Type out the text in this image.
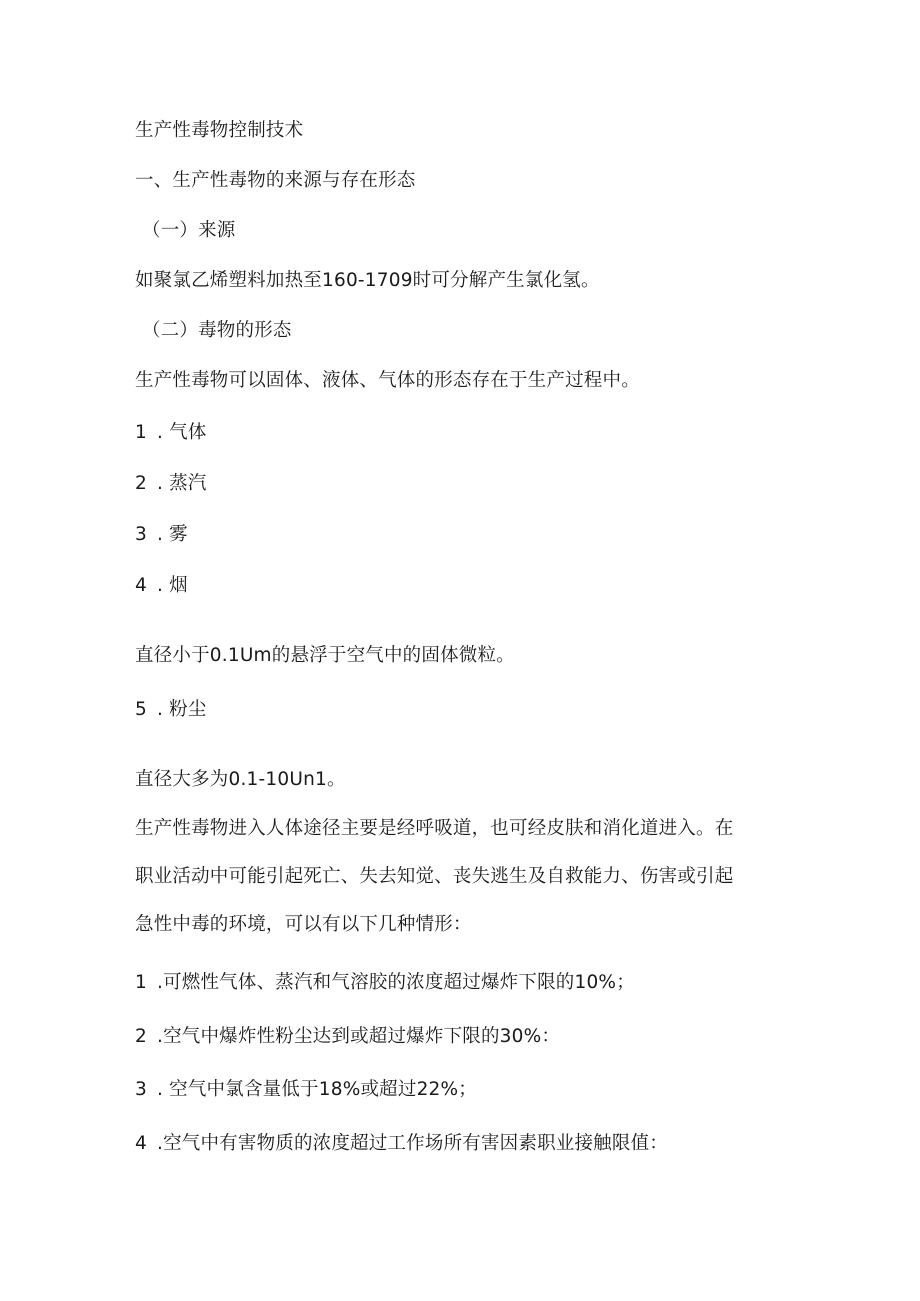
生产性毒物控制技术
一、生产性毒物的来源与存在形态
（一）来源
如聚氯乙烯塑料加热至160-1709时可分解产生氯化氢。
（二）毒物的形态
生产性毒物可以固体、液体、气体的形态存在于生产过程中。
1 . 气体
2 . 蒸汽
3 . 雾
4 . 烟
直径小于0.1Um的悬浮于空气中的固体微粒。
5 . 粉尘
直径大多为0.1-10Un1。
生产性毒物进入人体途径主要是经呼吸道，也可经皮肤和消化道进入。在
职业活动中可能引起死亡、失去知觉、丧失逃生及自救能力、伤害或引起
急性中毒的环境，可以有以下几种情形：
1 .可燃性气体、蒸汽和气溶胶的浓度超过爆炸下限的10%；
2 .空气中爆炸性粉尘达到或超过爆炸下限的30%：
3 . 空气中氯含量低于18%或超过22%；
4 .空气中有害物质的浓度超过工作场所有害因素职业接触限值：
